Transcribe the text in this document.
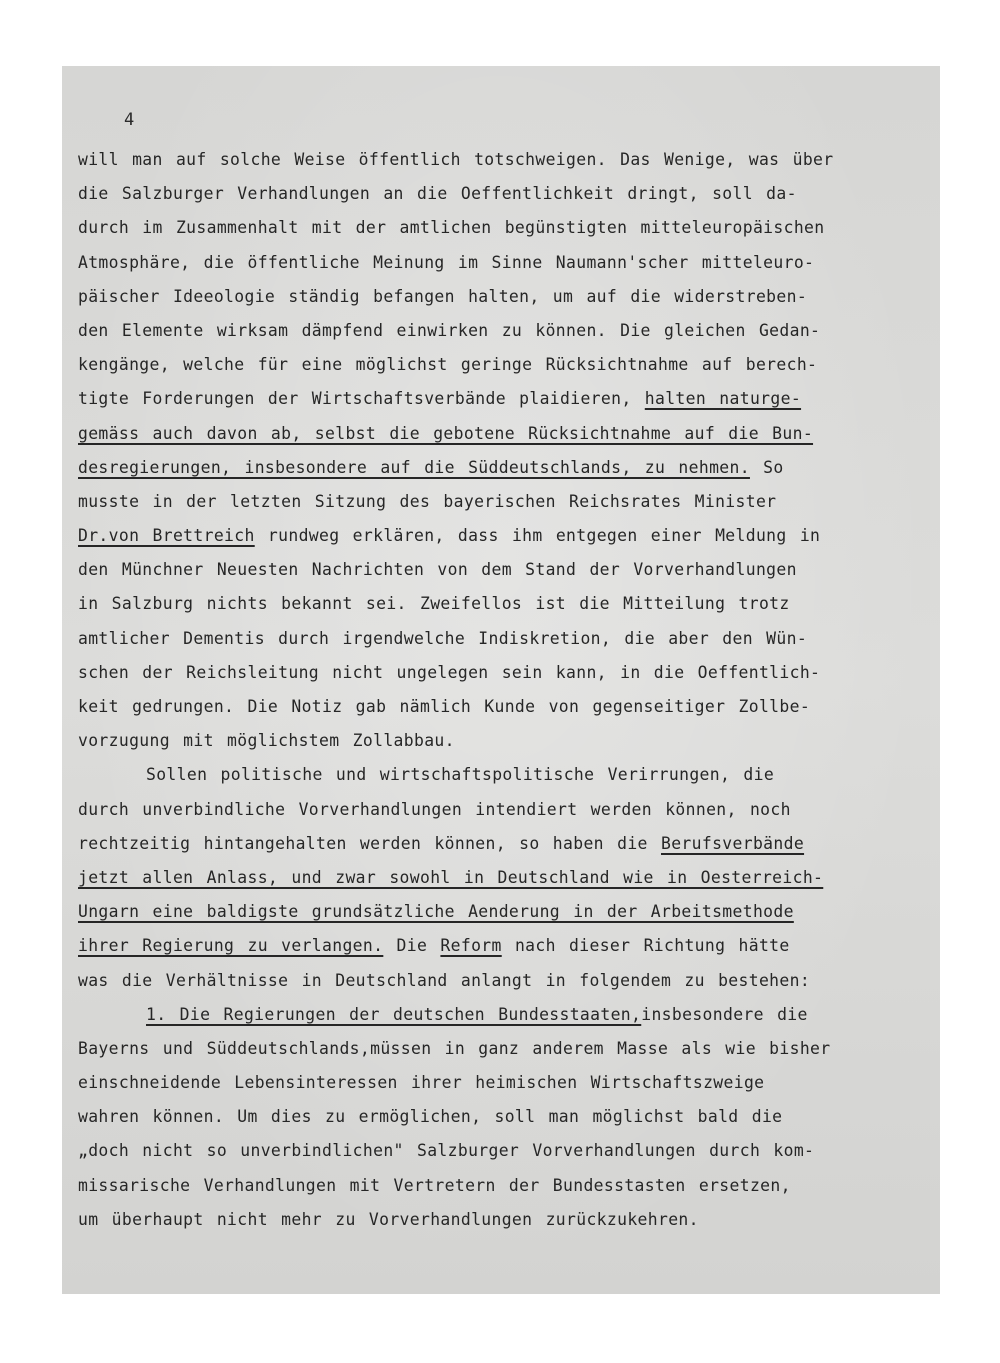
4
will man auf solche Weise öffentlich totschweigen. Das Wenige, was über
die Salzburger Verhandlungen an die Oeffentlichkeit dringt, soll da-
durch im Zusammenhalt mit der amtlichen begünstigten mitteleuropäischen
Atmosphäre, die öffentliche Meinung im Sinne Naumann'scher mitteleuro-
päischer Ideeologie ständig befangen halten, um auf die widerstreben-
den Elemente wirksam dämpfend einwirken zu können. Die gleichen Gedan-
kengänge, welche für eine möglichst geringe Rücksichtnahme auf berech-
tigte Forderungen der Wirtschaftsverbände plaidieren, halten naturge-
gemäss auch davon ab, selbst die gebotene Rücksichtnahme auf die Bun-
desregierungen, insbesondere auf die Süddeutschlands, zu nehmen. So
musste in der letzten Sitzung des bayerischen Reichsrates Minister
Dr.von Brettreich rundweg erklären, dass ihm entgegen einer Meldung in
den Münchner Neuesten Nachrichten von dem Stand der Vorverhandlungen
in Salzburg nichts bekannt sei. Zweifellos ist die Mitteilung trotz
amtlicher Dementis durch irgendwelche Indiskretion, die aber den Wün-
schen der Reichsleitung nicht ungelegen sein kann, in die Oeffentlich-
keit gedrungen. Die Notiz gab nämlich Kunde von gegenseitiger Zollbe-
vorzugung mit möglichstem Zollabbau.
Sollen politische und wirtschaftspolitische Verirrungen, die
durch unverbindliche Vorverhandlungen intendiert werden können, noch
rechtzeitig hintangehalten werden können, so haben die Berufsverbände
jetzt allen Anlass, und zwar sowohl in Deutschland wie in Oesterreich-
Ungarn eine baldigste grundsätzliche Aenderung in der Arbeitsmethode
ihrer Regierung zu verlangen. Die Reform nach dieser Richtung hätte
was die Verhältnisse in Deutschland anlangt in folgendem zu bestehen:
1. Die Regierungen der deutschen Bundesstaaten,insbesondere die
Bayerns und Süddeutschlands,müssen in ganz anderem Masse als wie bisher
einschneidende Lebensinteressen ihrer heimischen Wirtschaftszweige
wahren können. Um dies zu ermöglichen, soll man möglichst bald die
„doch nicht so unverbindlichen" Salzburger Vorverhandlungen durch kom-
missarische Verhandlungen mit Vertretern der Bundesstasten ersetzen,
um überhaupt nicht mehr zu Vorverhandlungen zurückzukehren.
